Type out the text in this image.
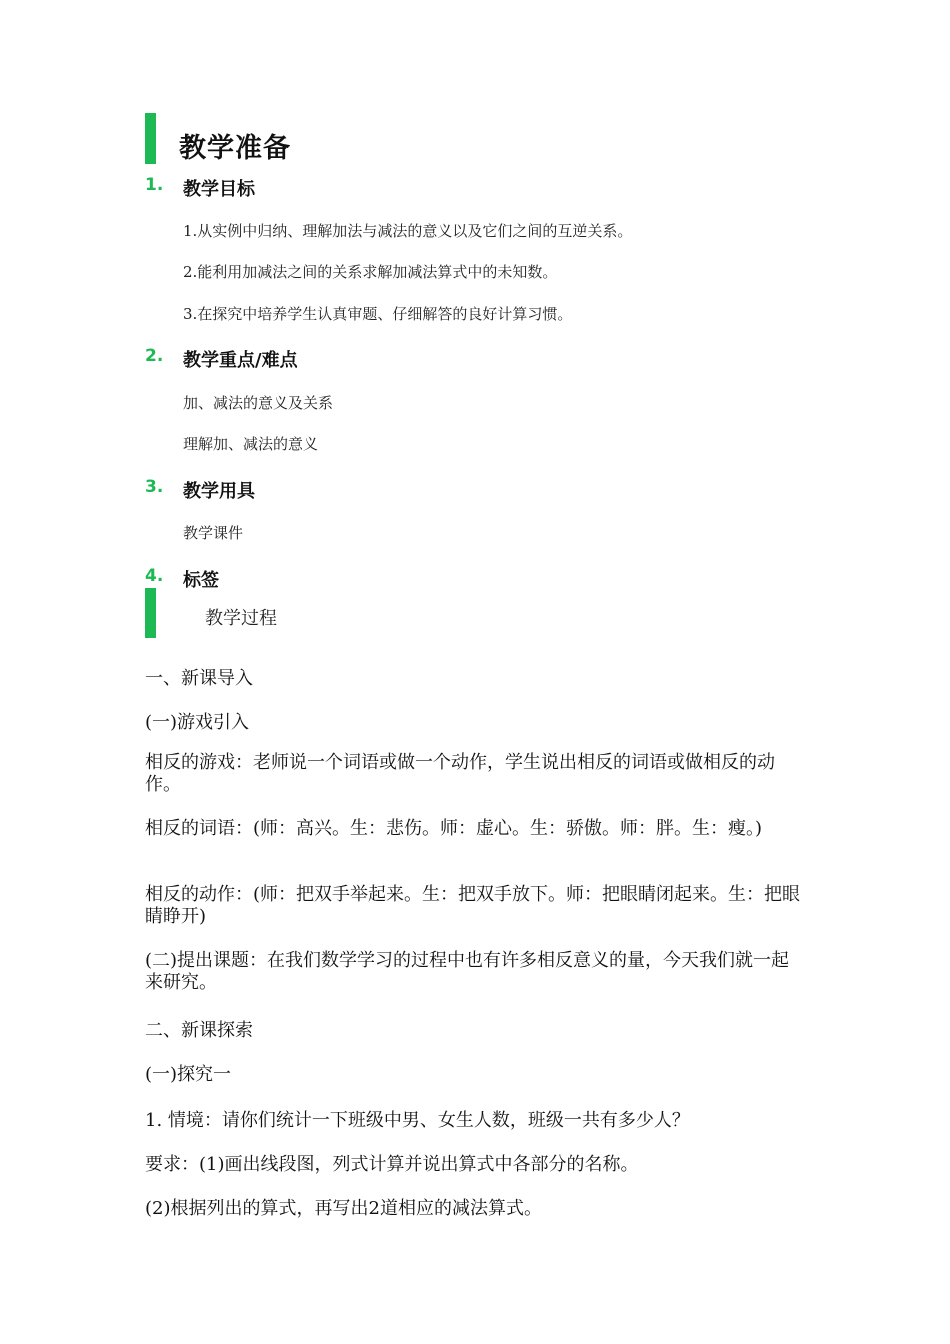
教学准备
1. 教学目标
1.从实例中归纳、理解加法与减法的意义以及它们之间的互逆关系。
2.能利用加减法之间的关系求解加减法算式中的未知数。
3.在探究中培养学生认真审题、仔细解答的良好计算习惯。
2. 教学重点/难点
加、减法的意义及关系
理解加、减法的意义
3. 教学用具
教学课件
4. 标签
教学过程
一、新课导入
(一)游戏引入
相反的游戏：老师说一个词语或做一个动作，学生说出相反的词语或做相反的动作。
相反的词语：(师：高兴。生：悲伤。师：虚心。生：骄傲。师：胖。生：瘦。)
相反的动作：(师：把双手举起来。生：把双手放下。师：把眼睛闭起来。生：把眼睛睁开)
(二)提出课题：在我们数学学习的过程中也有许多相反意义的量，今天我们就一起来研究。
二、新课探索
(一)探究一
1. 情境：请你们统计一下班级中男、女生人数，班级一共有多少人？
要求：(1)画出线段图，列式计算并说出算式中各部分的名称。
(2)根据列出的算式，再写出2道相应的减法算式。
